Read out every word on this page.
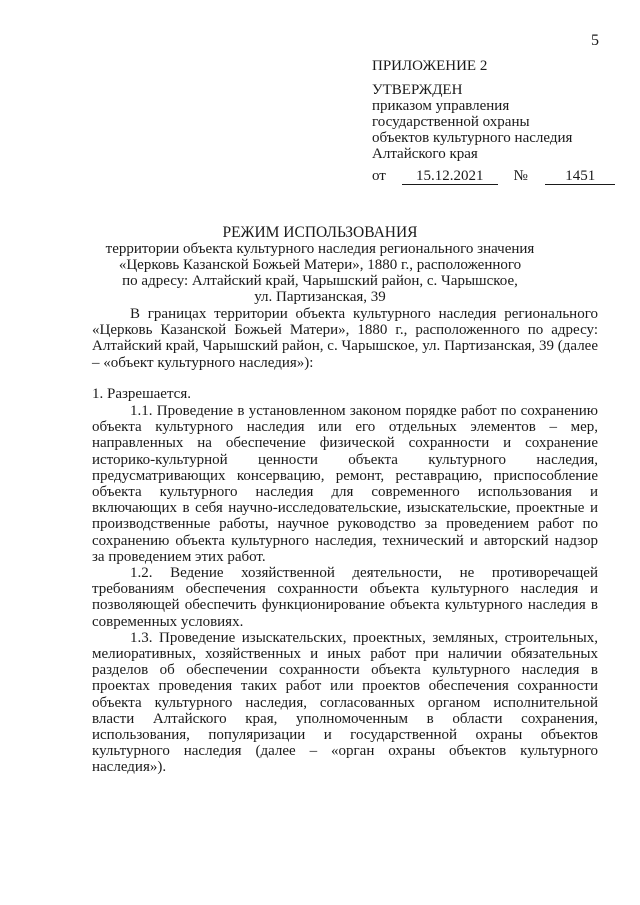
5
ПРИЛОЖЕНИЕ 2
УТВЕРЖДЕН
приказом управления
государственной охраны
объектов культурного наследия
Алтайского края
от 15.12.2021 № 1451
РЕЖИМ ИСПОЛЬЗОВАНИЯ
территории объекта культурного наследия регионального значения
«Церковь Казанской Божьей Матери», 1880 г., расположенного
по адресу: Алтайский край, Чарышский район, с. Чарышское,
ул. Партизанская, 39

В границах территории объекта культурного наследия регионального «Церковь Казанской Божьей Матери», 1880 г., расположенного по адресу: Алтайский край, Чарышский район, с. Чарышское, ул. Партизанская, 39 (далее – «объект культурного наследия»):

1. Разрешается.

1.1. Проведение в установленном законом порядке работ по сохранению объекта культурного наследия или его отдельных элементов – мер, направленных на обеспечение физической сохранности и сохранение историко-культурной ценности объекта культурного наследия, предусматривающих консервацию, ремонт, реставрацию, приспособление объекта культурного наследия для современного использования и включающих в себя научно-исследовательские, изыскательские, проектные и производственные работы, научное руководство за проведением работ по сохранению объекта культурного наследия, технический и авторский надзор за проведением этих работ.

1.2. Ведение хозяйственной деятельности, не противоречащей требованиям обеспечения сохранности объекта культурного наследия и позволяющей обеспечить функционирование объекта культурного наследия в современных условиях.

1.3. Проведение изыскательских, проектных, земляных, строительных, мелиоративных, хозяйственных и иных работ при наличии обязательных разделов об обеспечении сохранности объекта культурного наследия в проектах проведения таких работ или проектов обеспечения сохранности объекта культурного наследия, согласованных органом исполнительной власти Алтайского края, уполномоченным в области сохранения, использования, популяризации и государственной охраны объектов культурного наследия (далее – «орган охраны объектов культурного наследия»).
